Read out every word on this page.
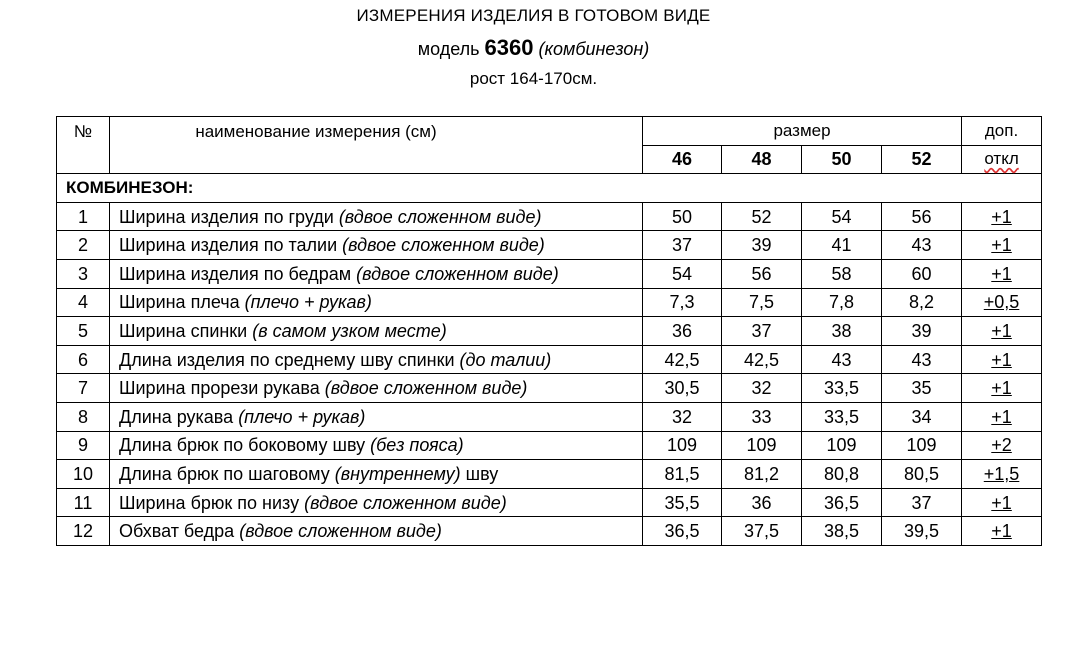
ИЗМЕРЕНИЯ ИЗДЕЛИЯ В ГОТОВОМ ВИДЕ
модель 6360 (комбинезон)
рост 164-170см.
№	наименование измерения (см)	размер				доп.
		46	48	50	52	откл
КОМБИНЕЗОН:						
1	Ширина изделия по груди (вдвое сложенном виде)	50	52	54	56	+1
2	Ширина изделия по талии (вдвое сложенном виде)	37	39	41	43	+1
3	Ширина изделия по бедрам (вдвое сложенном виде)	54	56	58	60	+1
4	Ширина плеча (плечо + рукав)	7,3	7,5	7,8	8,2	+0,5
5	Ширина спинки (в самом узком месте)	36	37	38	39	+1
6	Длина изделия по среднему шву спинки (до талии)	42,5	42,5	43	43	+1
7	Ширина прорези рукава (вдвое сложенном виде)	30,5	32	33,5	35	+1
8	Длина рукава (плечо + рукав)	32	33	33,5	34	+1
9	Длина брюк по боковому шву (без пояса)	109	109	109	109	+2
10	Длина брюк по шаговому (внутреннему) шву	81,5	81,2	80,8	80,5	+1,5
11	Ширина брюк по низу (вдвое сложенном виде)	35,5	36	36,5	37	+1
12	Обхват бедра (вдвое сложенном виде)	36,5	37,5	38,5	39,5	+1
